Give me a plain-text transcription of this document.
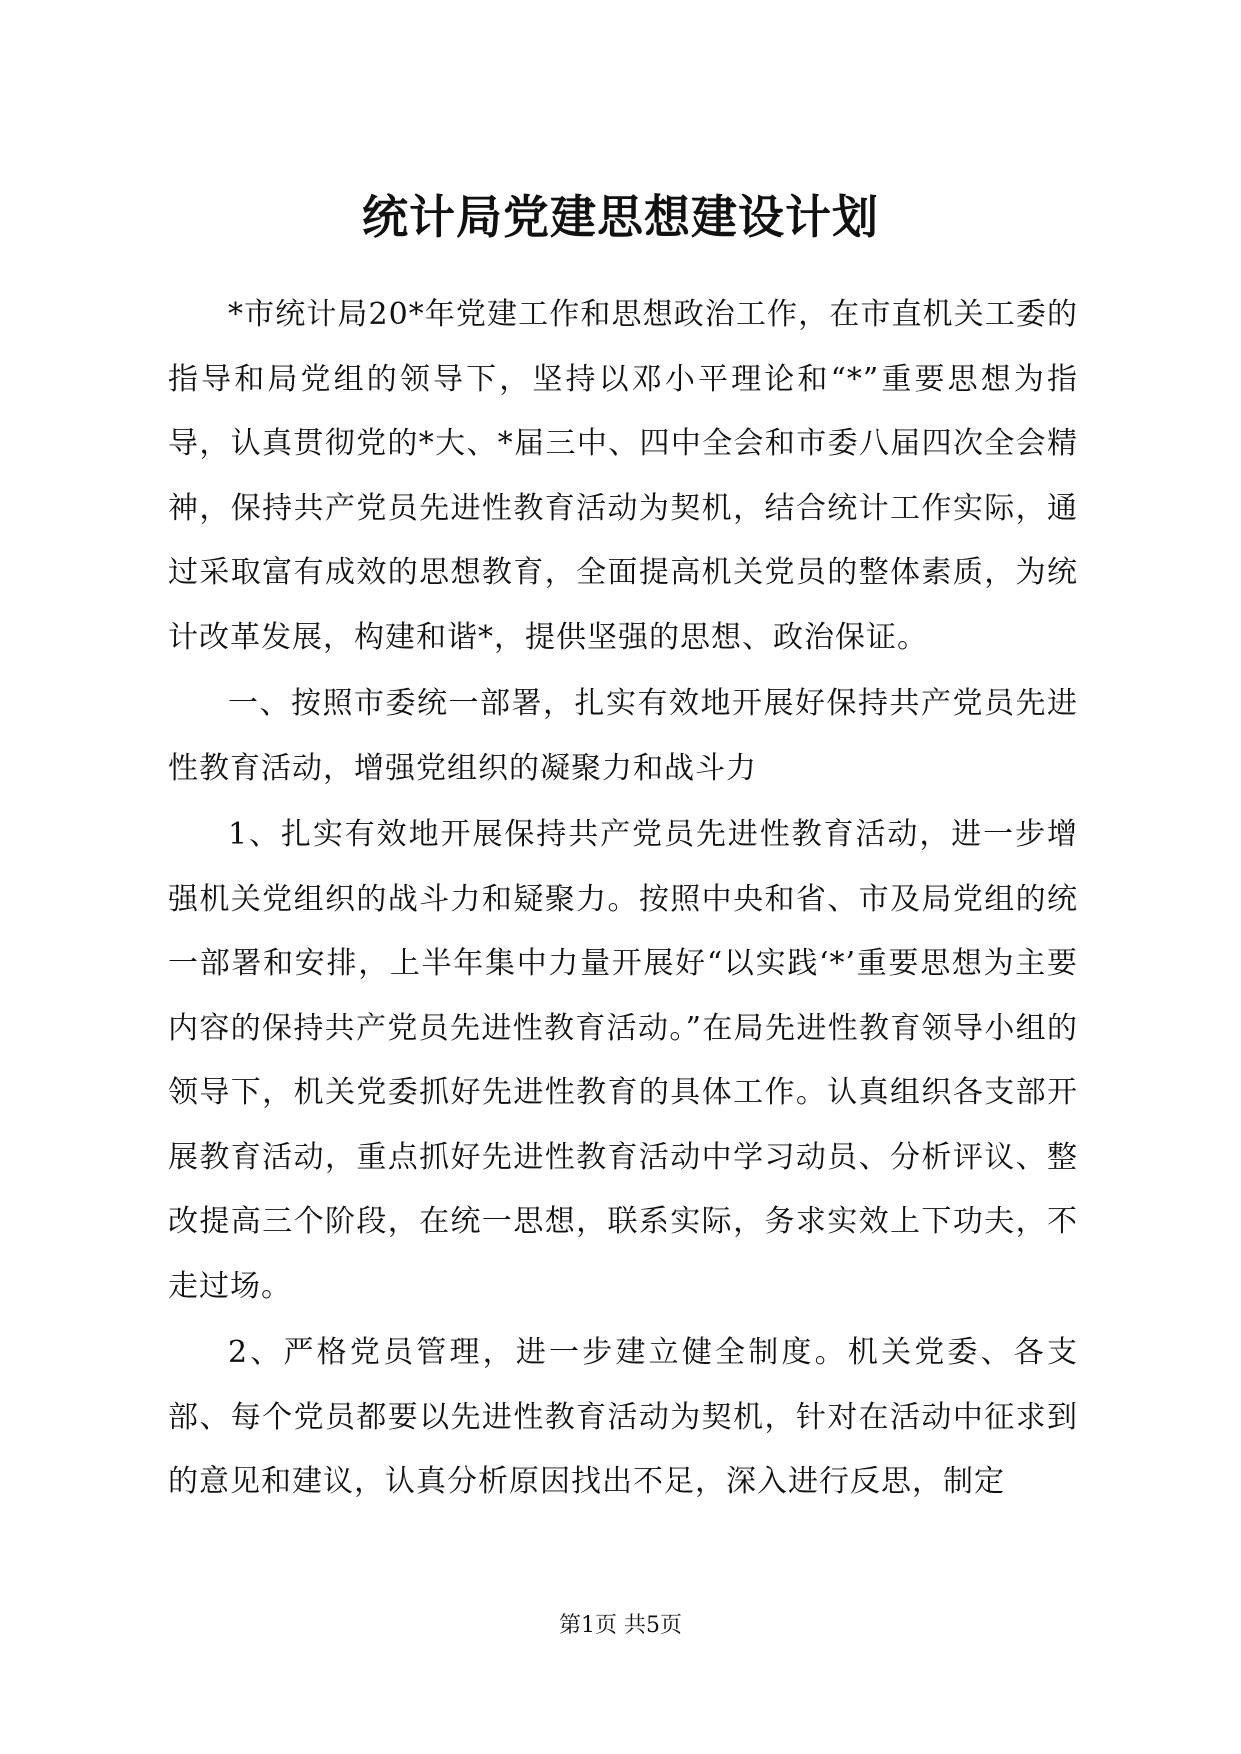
统计局党建思想建设计划

*市统计局20*年党建工作和思想政治工作，在市直机关工委的指导和局党组的领导下，坚持以邓小平理论和“*”重要思想为指导，认真贯彻党的*大、*届三中、四中全会和市委八届四次全会精神，保持共产党员先进性教育活动为契机，结合统计工作实际，通过采取富有成效的思想教育，全面提高机关党员的整体素质，为统计改革发展，构建和谐*，提供坚强的思想、政治保证。

一、按照市委统一部署，扎实有效地开展好保持共产党员先进性教育活动，增强党组织的凝聚力和战斗力

1、扎实有效地开展保持共产党员先进性教育活动，进一步增强机关党组织的战斗力和疑聚力。按照中央和省、市及局党组的统一部署和安排，上半年集中力量开展好“以实践‘*’重要思想为主要内容的保持共产党员先进性教育活动。”在局先进性教育领导小组的领导下，机关党委抓好先进性教育的具体工作。认真组织各支部开展教育活动，重点抓好先进性教育活动中学习动员、分析评议、整改提高三个阶段，在统一思想，联系实际，务求实效上下功夫，不走过场。

2、严格党员管理，进一步建立健全制度。机关党委、各支部、每个党员都要以先进性教育活动为契机，针对在活动中征求到的意见和建议，认真分析原因找出不足，深入进行反思，制定

第1页 共5页
